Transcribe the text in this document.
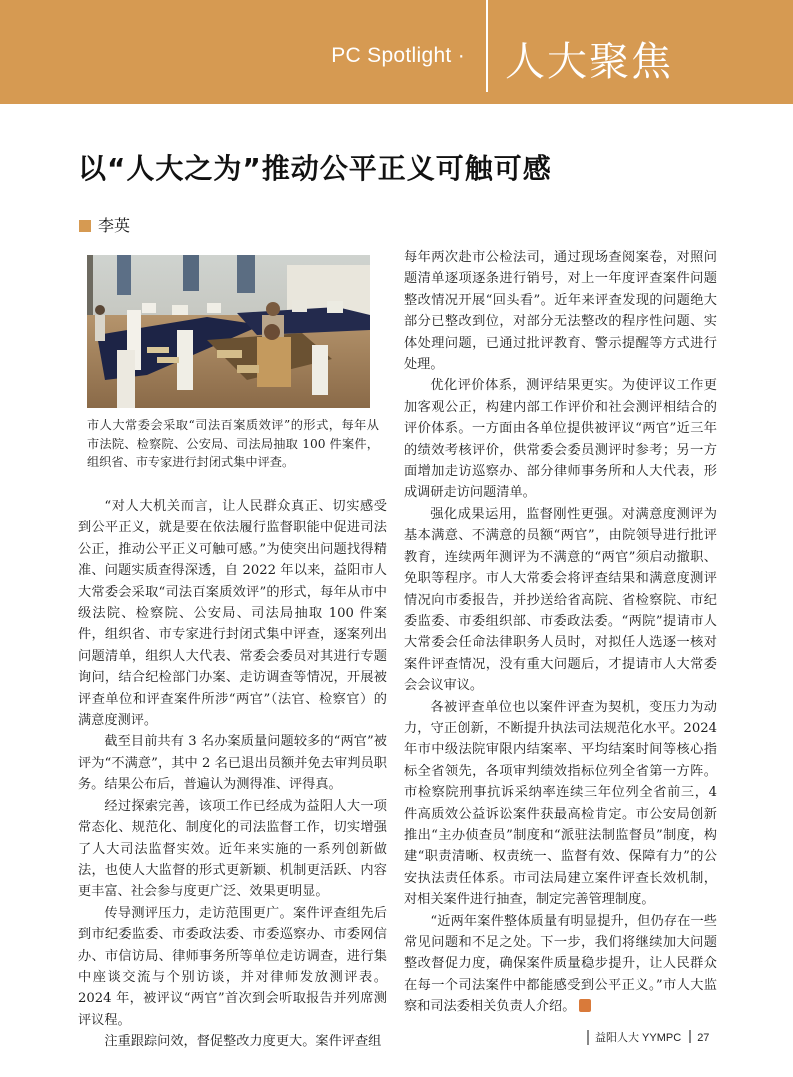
PC Spotlight · 人大聚焦
以“人大之为”推动公平正义可触可感
李英

市人大常委会采取“司法百案质效评”的形式，每年从市法院、检察院、公安局、司法局抽取 100 件案件，组织省、市专家进行封闭式集中评查。

“对人大机关而言，让人民群众真正、切实感受到公平正义，就是要在依法履行监督职能中促进司法公正，推动公平正义可触可感。”为使突出问题找得精准、问题实质查得深透，自 2022 年以来，益阳市人大常委会采取“司法百案质效评”的形式，每年从市中级法院、检察院、公安局、司法局抽取 100 件案件，组织省、市专家进行封闭式集中评查，逐案列出问题清单，组织人大代表、常委会委员对其进行专题询问，结合纪检部门办案、走访调查等情况，开展被评查单位和评查案件所涉“两官”（法官、检察官）的满意度测评。

截至目前共有 3 名办案质量问题较多的“两官”被评为“不满意”，其中 2 名已退出员额并免去审判员职务。结果公布后，普遍认为测得准、评得真。

经过探索完善，该项工作已经成为益阳人大一项常态化、规范化、制度化的司法监督工作，切实增强了人大司法监督实效。近年来实施的一系列创新做法，也使人大监督的形式更新颖、机制更活跃、内容更丰富、社会参与度更广泛、效果更明显。

传导测评压力，走访范围更广。案件评查组先后到市纪委监委、市委政法委、市委巡察办、市委网信办、市信访局、律师事务所等单位走访调查，进行集中座谈交流与个别访谈，并对律师发放测评表。2024 年，被评议“两官”首次到会听取报告并列席测评议程。

注重跟踪问效，督促整改力度更大。案件评查组

每年两次赴市公检法司，通过现场查阅案卷，对照问题清单逐项逐条进行销号，对上一年度评查案件问题整改情况开展“回头看”。近年来评查发现的问题绝大部分已整改到位，对部分无法整改的程序性问题、实体处理问题，已通过批评教育、警示提醒等方式进行处理。

优化评价体系，测评结果更实。为使评议工作更加客观公正，构建内部工作评价和社会测评相结合的评价体系。一方面由各单位提供被评议“两官”近三年的绩效考核评价，供常委会委员测评时参考；另一方面增加走访巡察办、部分律师事务所和人大代表，形成调研走访问题清单。

强化成果运用，监督刚性更强。对满意度测评为基本满意、不满意的员额“两官”，由院领导进行批评教育，连续两年测评为不满意的“两官”须启动撤职、免职等程序。市人大常委会将评查结果和满意度测评情况向市委报告，并抄送给省高院、省检察院、市纪委监委、市委组织部、市委政法委。“两院”提请市人大常委会任命法律职务人员时，对拟任人选逐一核对案件评查情况，没有重大问题后，才提请市人大常委会会议审议。

各被评查单位也以案件评查为契机，变压力为动力，守正创新，不断提升执法司法规范化水平。2024 年市中级法院审限内结案率、平均结案时间等核心指标全省领先，各项审判绩效指标位列全省第一方阵。市检察院刑事抗诉采纳率连续三年位列全省前三，4 件高质效公益诉讼案件获最高检肯定。市公安局创新推出“主办侦查员”制度和“派驻法制监督员”制度，构建“职责清晰、权责统一、监督有效、保障有力”的公安执法责任体系。市司法局建立案件评查长效机制，对相关案件进行抽查，制定完善管理制度。

“近两年案件整体质量有明显提升，但仍存在一些常见问题和不足之处。下一步，我们将继续加大问题整改督促力度，确保案件质量稳步提升，让人民群众在每一个司法案件中都能感受到公平正义。”市人大监察和司法委相关负责人介绍。

益阳人大 YYMPC 27
